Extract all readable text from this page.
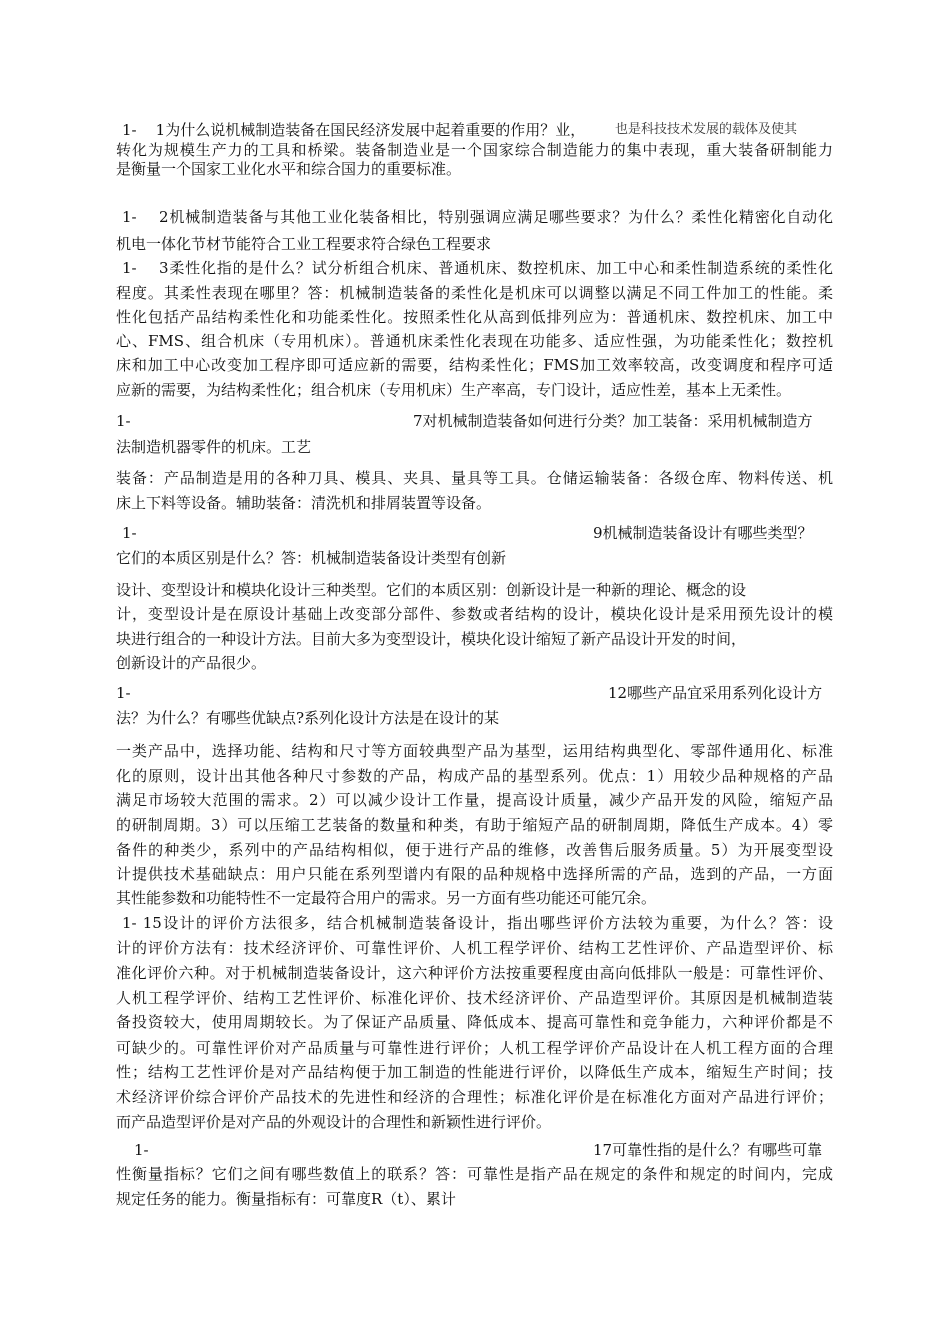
1-    1为什么说机械制造装备在国民经济发展中起着重要的作用？业，	也是科技技术发展的载体及使其
转化为规模生产力的工具和桥梁。装备制造业是一个国家综合制造能力的集中表现，重大装备研制能力
是衡量一个国家工业化水平和综合国力的重要标准。
1-    2机械制造装备与其他工业化装备相比，特别强调应满足哪些要求？为什么？柔性化精密化自动化
机电一体化节材节能符合工业工程要求符合绿色工程要求
1-    3柔性化指的是什么？试分析组合机床、普通机床、数控机床、加工中心和柔性制造系统的柔性化
程度。其柔性表现在哪里？答：机械制造装备的柔性化是机床可以调整以满足不同工件加工的性能。柔
性化包括产品结构柔性化和功能柔性化。按照柔性化从高到低排列应为：普通机床、数控机床、加工中
心、FMS、组合机床（专用机床）。普通机床柔性化表现在功能多、适应性强，为功能柔性化；数控机
床和加工中心改变加工程序即可适应新的需要，结构柔性化；FMS加工效率较高，改变调度和程序可适
应新的需要，为结构柔性化；组合机床（专用机床）生产率高，专门设计，适应性差，基本上无柔性。
1-	7对机械制造装备如何进行分类？加工装备：采用机械制造方
法制造机器零件的机床。工艺
装备：产品制造是用的各种刀具、模具、夹具、量具等工具。仓储运输装备：各级仓库、物料传送、机
床上下料等设备。辅助装备：清洗机和排屑装置等设备。
1-	9机械制造装备设计有哪些类型？
它们的本质区别是什么？答：机械制造装备设计类型有创新
设计、变型设计和模块化设计三种类型。它们的本质区别：创新设计是一种新的理论、概念的设
计，变型设计是在原设计基础上改变部分部件、参数或者结构的设计，模块化设计是采用预先设计的模
块进行组合的一种设计方法。目前大多为变型设计，模块化设计缩短了新产品设计开发的时间，
创新设计的产品很少。
1-	12哪些产品宜采用系列化设计方
法？为什么？有哪些优缺点?系列化设计方法是在设计的某
一类产品中，选择功能、结构和尺寸等方面较典型产品为基型，运用结构典型化、零部件通用化、标准
化的原则，设计出其他各种尺寸参数的产品，构成产品的基型系列。优点：1）用较少品种规格的产品
满足市场较大范围的需求。2）可以减少设计工作量，提高设计质量，减少产品开发的风险，缩短产品
的研制周期。3）可以压缩工艺装备的数量和种类，有助于缩短产品的研制周期，降低生产成本。4）零
备件的种类少，系列中的产品结构相似，便于进行产品的维修，改善售后服务质量。5）为开展变型设
计提供技术基础缺点：用户只能在系列型谱内有限的品种规格中选择所需的产品，选到的产品，一方面
其性能参数和功能特性不一定最符合用户的需求。另一方面有些功能还可能冗余。
1- 15设计的评价方法很多，结合机械制造装备设计，指出哪些评价方法较为重要，为什么？答：设
计的评价方法有：技术经济评价、可靠性评价、人机工程学评价、结构工艺性评价、产品造型评价、标
准化评价六种。对于机械制造装备设计，这六种评价方法按重要程度由高向低排队一般是：可靠性评价、
人机工程学评价、结构工艺性评价、标准化评价、技术经济评价、产品造型评价。其原因是机械制造装
备投资较大，使用周期较长。为了保证产品质量、降低成本、提高可靠性和竞争能力，六种评价都是不
可缺少的。可靠性评价对产品质量与可靠性进行评价；人机工程学评价产品设计在人机工程方面的合理
性；结构工艺性评价是对产品结构便于加工制造的性能进行评价，以降低生产成本，缩短生产时间；技
术经济评价综合评价产品技术的先进性和经济的合理性；标准化评价是在标准化方面对产品进行评价；
而产品造型评价是对产品的外观设计的合理性和新颖性进行评价。
1-	17可靠性指的是什么？有哪些可靠
性衡量指标？它们之间有哪些数值上的联系？答：可靠性是指产品在规定的条件和规定的时间内，完成
规定任务的能力。衡量指标有：可靠度R（t）、累计
